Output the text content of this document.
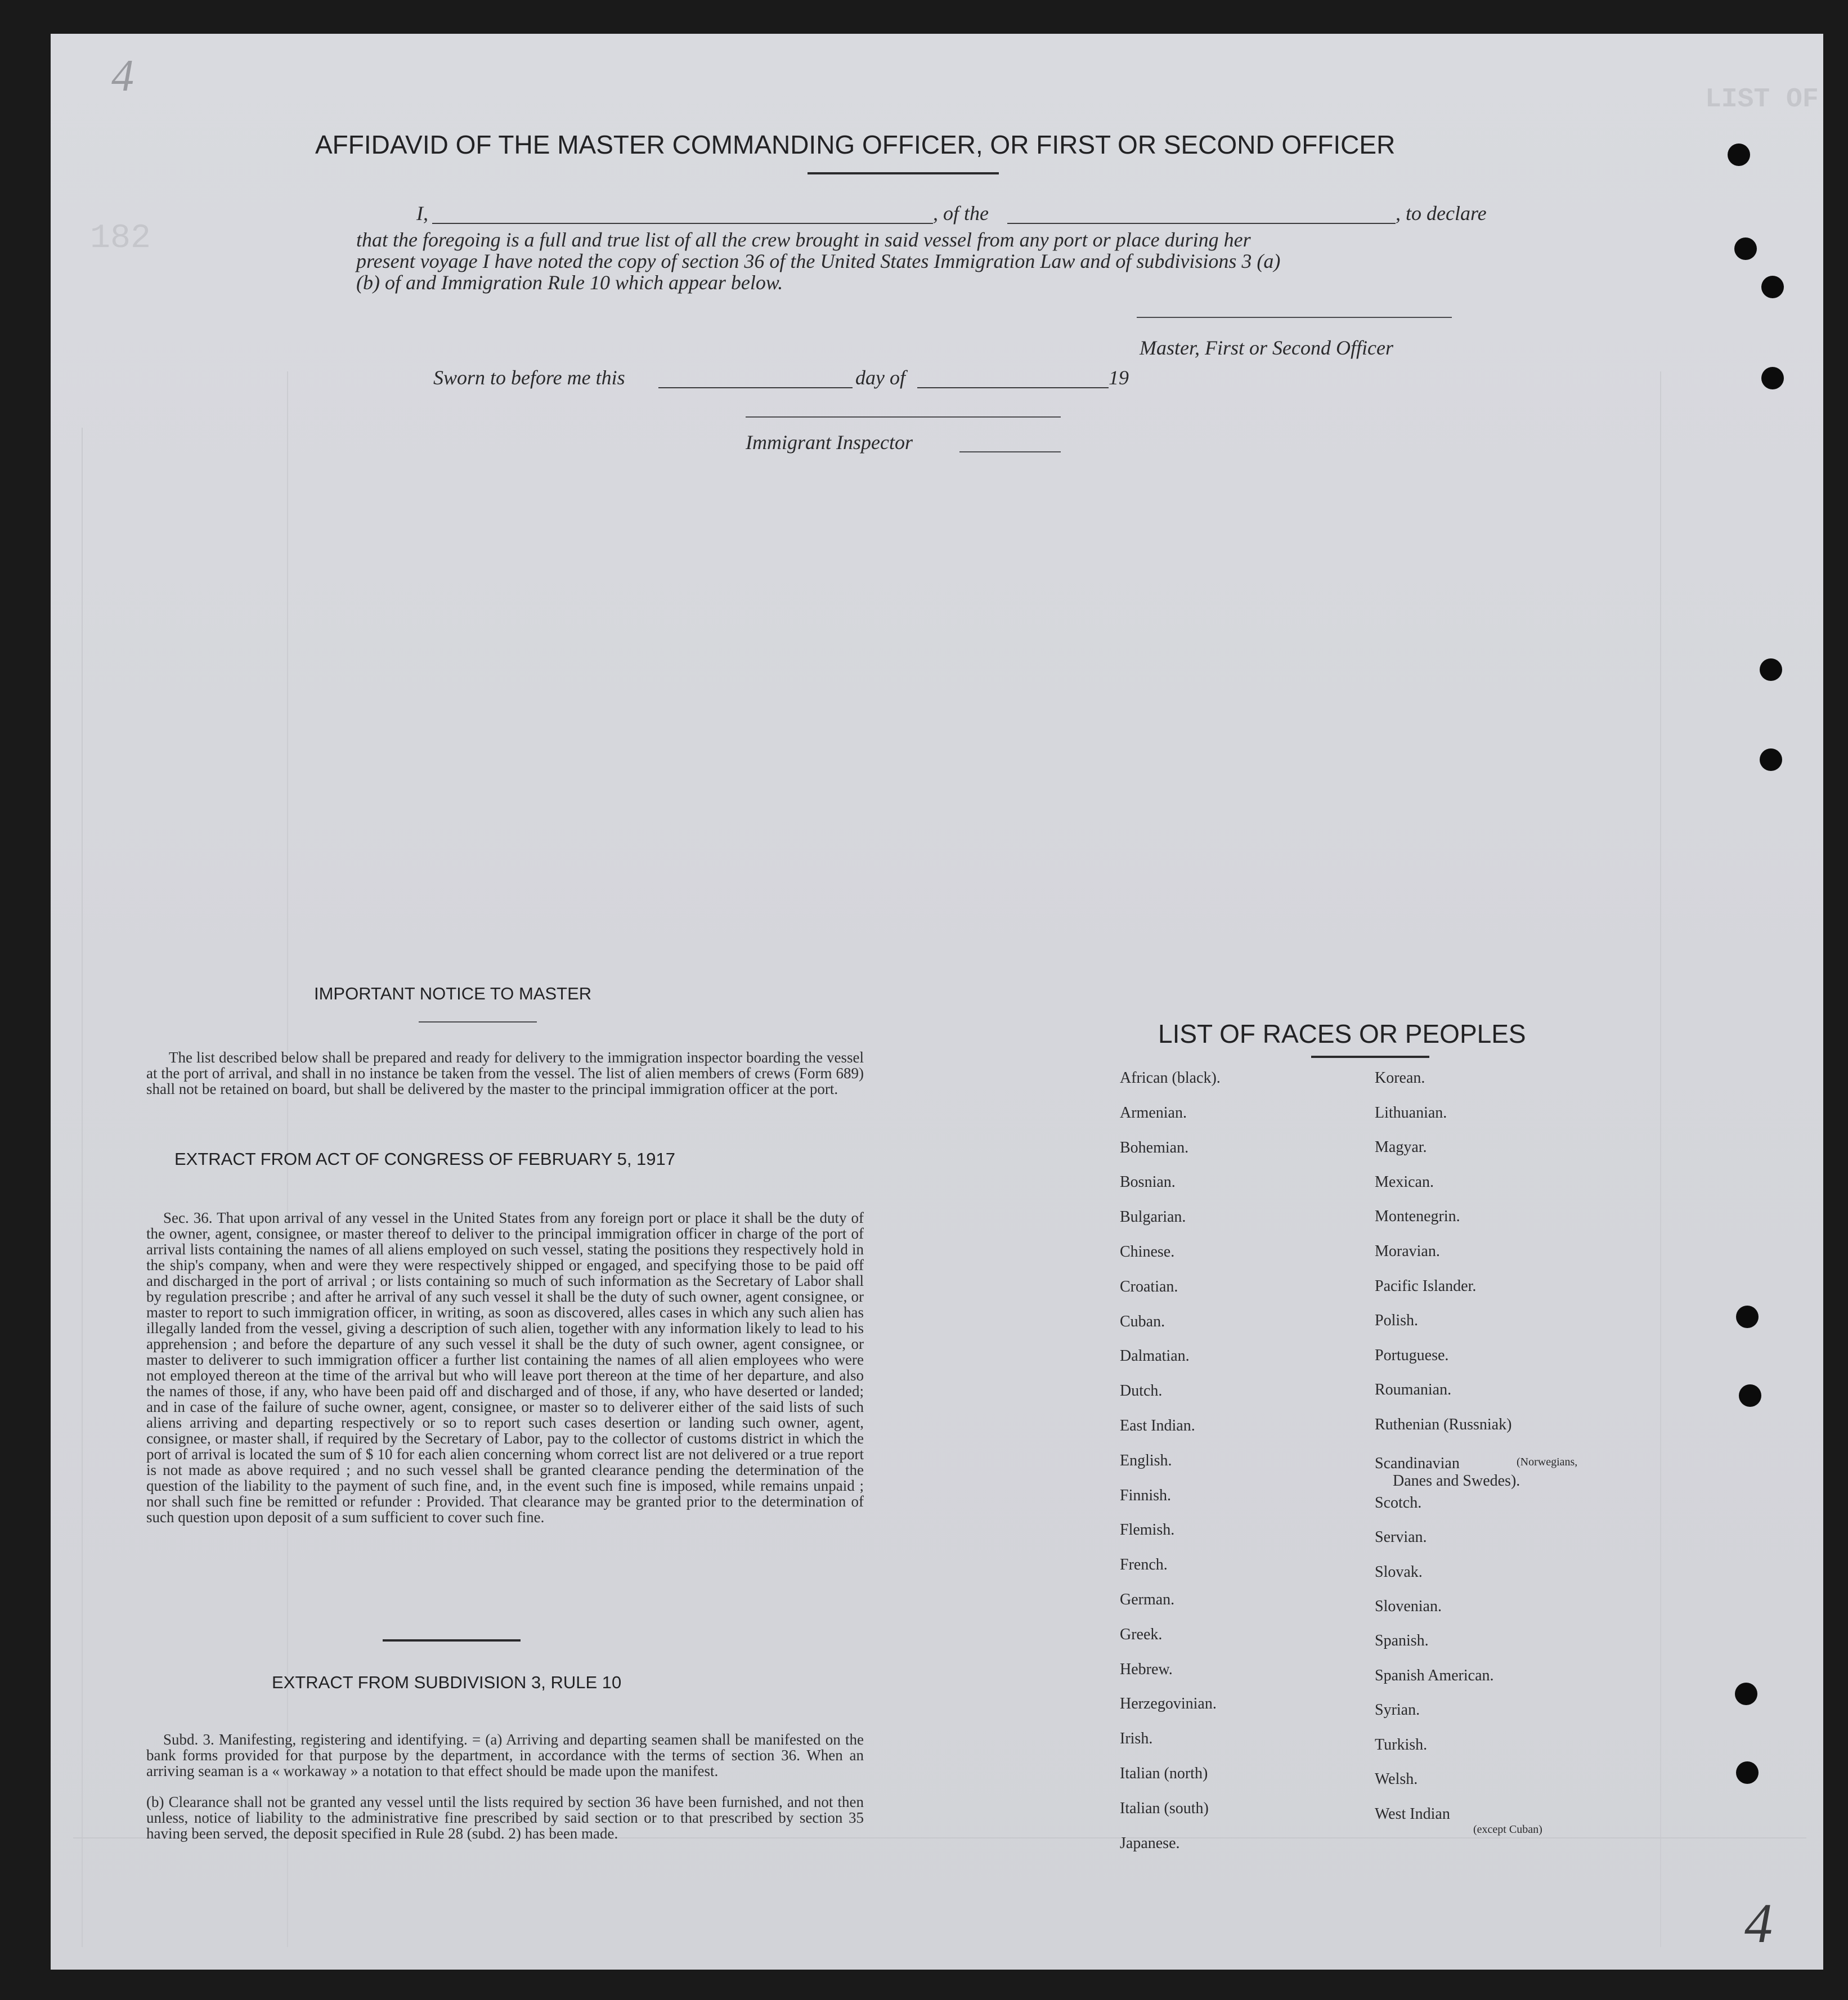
LIST OF
182
4
4
AFFIDAVID OF THE MASTER COMMANDING OFFICER, OR FIRST OR SECOND OFFICER
I,	, of the	, to declare
that the foregoing is a full and true list of all the crew brought in said vessel from any port or place during her
present voyage I have noted the copy of section 36 of the United States Immigration Law and of subdivisions 3 (a)
(b) of and Immigration Rule 10 which appear below.
Master, First or Second Officer
Sworn to before me this	day of	19
Immigrant Inspector
IMPORTANT NOTICE TO MASTER
The list described below shall be prepared and ready for delivery to the immigration inspector boarding the vessel at the port of arrival, and shall in no instance be taken from the vessel. The list of alien members of crews (Form 689) shall not be retained on board, but shall be delivered by the master to the principal immigration officer at the port.
EXTRACT FROM ACT OF CONGRESS OF FEBRUARY 5, 1917
Sec. 36. That upon arrival of any vessel in the United States from any foreign port or place it shall be the duty of the owner, agent, consignee, or master thereof to deliver to the principal immigration officer in charge of the port of arrival lists containing the names of all aliens employed on such vessel, stating the positions they respectively hold in the ship's company, when and were they were respectively shipped or engaged, and specifying those to be paid off and discharged in the port of arrival ; or lists containing so much of such information as the Secretary of Labor shall by regulation prescribe ; and after he arrival of any such vessel it shall be the duty of such owner, agent consignee, or master to report to such immigration officer, in writing, as soon as discovered, alles cases in which any such alien has illegally landed from the vessel, giving a description of such alien, together with any information likely to lead to his apprehension ; and before the departure of any such vessel it shall be the duty of such owner, agent consignee, or master to deliverer to such immigration officer a further list containing the names of all alien employees who were not employed thereon at the time of the arrival but who will leave port thereon at the time of her departure, and also the names of those, if any, who have been paid off and discharged and of those, if any, who have deserted or landed; and in case of the failure of suche owner, agent, consignee, or master so to deliverer either of the said lists of such aliens arriving and departing respectively or so to report such cases desertion or landing such owner, agent, consignee, or master shall, if required by the Secretary of Labor, pay to the collector of customs district in which the port of arrival is located the sum of $ 10 for each alien concerning whom correct list are not delivered or a true report is not made as above required ; and no such vessel shall be granted clearance pending the determination of the question of the liability to the payment of such fine, and, in the event such fine is imposed, while remains unpaid ; nor shall such fine be remitted or refunder : Provided. That clearance may be granted prior to the determination of such question upon deposit of a sum sufficient to cover such fine.
EXTRACT FROM SUBDIVISION 3, RULE 10
Subd. 3. Manifesting, registering and identifying. = (a) Arriving and departing seamen shall be manifested on the bank forms provided for that purpose by the department, in accordance with the terms of section 36. When an arriving seaman is a « workaway » a notation to that effect should be made upon the manifest.
(b) Clearance shall not be granted any vessel until the lists required by section 36 have been furnished, and not then unless, notice of liability to the administrative fine prescribed by said section or to that prescribed by section 35 having been served, the deposit specified in Rule 28 (subd. 2) has been made.
LIST OF RACES OR PEOPLES
African (black).
Armenian.
Bohemian.
Bosnian.
Bulgarian.
Chinese.
Croatian.
Cuban.
Dalmatian.
Dutch.
East Indian.
English.
Finnish.
Flemish.
French.
German.
Greek.
Hebrew.
Herzegovinian.
Irish.
Italian (north)
Italian (south)
Japanese.
Korean.
Lithuanian.
Magyar.
Mexican.
Montenegrin.
Moravian.
Pacific Islander.
Polish.
Portuguese.
Roumanian.
Ruthenian (Russniak)
Scandinavian
Scotch.
Servian.
Slovak.
Slovenian.
Spanish.
Spanish American.
Syrian.
Turkish.
Welsh.
West Indian
(Norwegians,
Danes and Swedes).
(except Cuban)
